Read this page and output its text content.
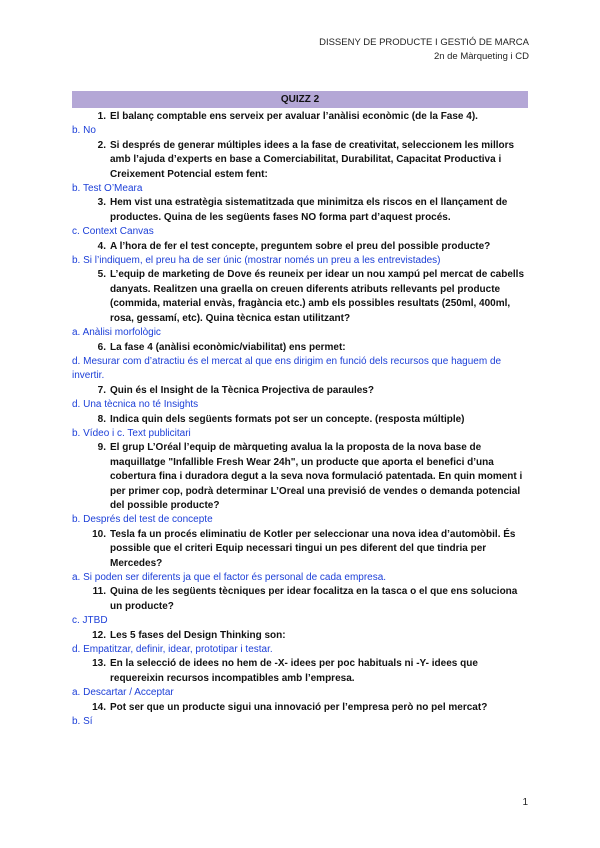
DISSENY DE PRODUCTE I GESTIÓ DE MARCA
2n de Màrqueting i CD
QUIZZ 2
1. El balanç comptable ens serveix per avaluar l’anàlisi econòmic (de la Fase 4).
b. No
2. Si després de generar múltiples idees a la fase de creativitat, seleccionem les millors amb l’ajuda d’experts en base a Comerciabilitat, Durabilitat, Capacitat Productiva i Creixement Potencial estem fent:
b. Test O’Meara
3. Hem vist una estratègia sistematitzada que minimitza els riscos en el llançament de productes. Quina de les següents fases NO forma part d’aquest procés.
c. Context Canvas
4. A l’hora de fer el test concepte, preguntem sobre el preu del possible producte?
b. Si l’indiquem, el preu ha de ser únic (mostrar només un preu a les entrevistades)
5. L’equip de marketing de Dove és reuneix per idear un nou xampú pel mercat de cabells danyats. Realitzen una graella on creuen diferents atributs rellevants pel producte (commida, material envàs, fragància etc.) amb els possibles resultats (250ml, 400ml, rosa, gessamí, etc). Quina tècnica estan utilitzant?
a. Anàlisi morfològic
6. La fase 4 (anàlisi econòmic/viabilitat) ens permet:
d. Mesurar com d’atractiu és el mercat al que ens dirigim en funció dels recursos que haguem de invertir.
7. Quin és el Insight de la Tècnica Projectiva de paraules?
d. Una tècnica no té Insights
8. Indica quin dels següents formats pot ser un concepte. (resposta múltiple)
b. Vídeo i c. Text publicitari
9. El grup L’Oréal l’equip de màrqueting avalua la la proposta de la nova base de maquillatge "Infallible Fresh Wear 24h", un producte que aporta el benefici d’una cobertura fina i duradora degut a la seva nova formulació patentada. En quin moment i per primer cop, podrà determinar L’Oreal una previsió de vendes o demanda potencial del possible producte?
b. Després del test de concepte
10. Tesla fa un procés eliminatiu de Kotler per seleccionar una nova idea d’automòbil. És possible que el criteri Equip necessari tingui un pes diferent del que tindria per Mercedes?
a. Si poden ser diferents ja que el factor és personal de cada empresa.
11. Quina de les següents tècniques per idear focalitza en la tasca o el que ens soluciona un producte?
c. JTBD
12. Les 5 fases del Design Thinking son:
d. Empatitzar, definir, idear, prototipar i testar.
13. En la selecció de idees no hem de -X- idees per poc habituals ni -Y- idees que requereixin recursos incompatibles amb l’empresa.
a. Descartar / Acceptar
14. Pot ser que un producte sigui una innovació per l’empresa però no pel mercat?
b. Sí
1
